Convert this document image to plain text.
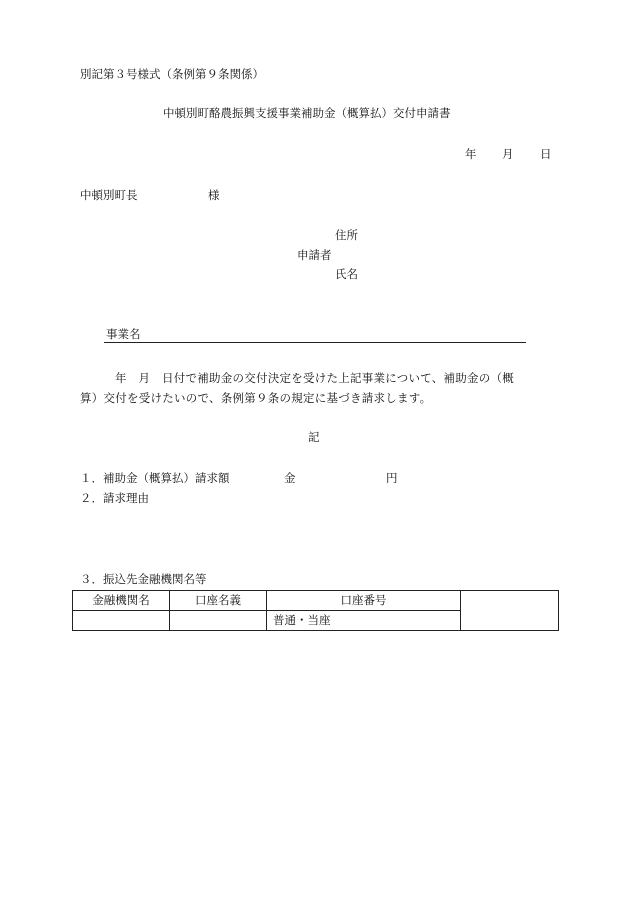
別記第３号様式（条例第９条関係）
中頓別町酪農振興支援事業補助金（概算払）交付申請書
年 月 日
中頓別町長	様
住所
申請者
氏名
事業名
年　月　日付で補助金の交付決定を受けた上記事業について、補助金の（概
算）交付を受けたいので、条例第９条の規定に基づき請求します。
記
１．補助金（概算払）請求額	金	円
２．請求理由
３．振込先金融機関名等
金融機関名	口座名義	口座番号	
		普通・当座	
